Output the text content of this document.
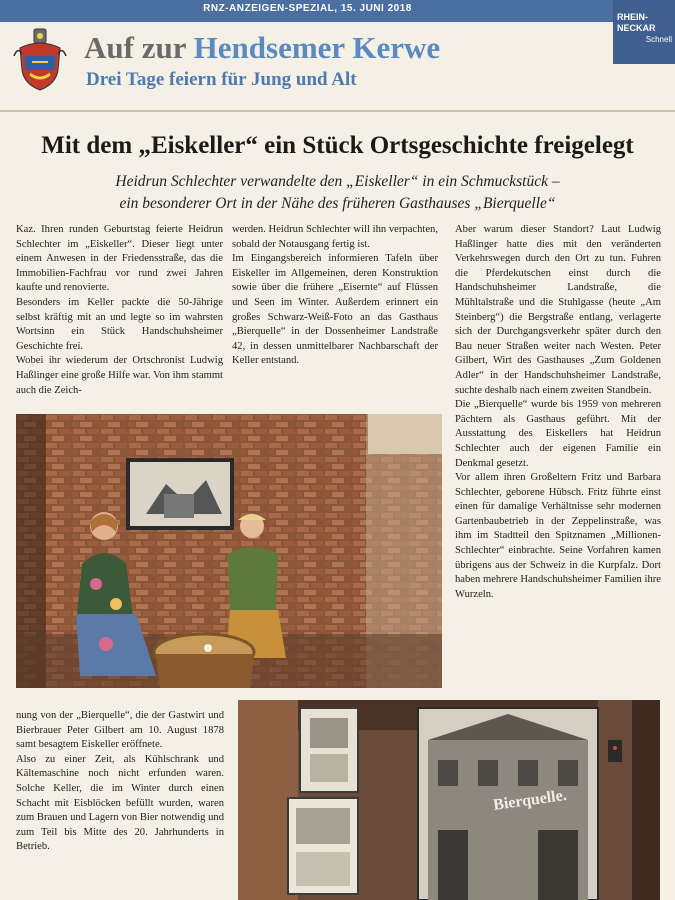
RNZ-ANZEIGEN-SPEZIAL, 15. JUNI 2018
RHEIN-NECKAR
Schnell
Auf zur Hendsemer Kerwe
Drei Tage feiern für Jung und Alt
Mit dem „Eiskeller“ ein Stück Ortsgeschichte freigelegt
Heidrun Schlechter verwandelte den „Eiskeller“ in ein Schmuckstück –
ein besonderer Ort in der Nähe des früheren Gasthauses „Bierquelle“

Kaz. Ihren runden Geburtstag feierte Heidrun Schlechter im „Eiskeller“. Dieser liegt unter einem Anwesen in der Friedensstraße, das die Immobilien-Fachfrau vor rund zwei Jahren kaufte und renovierte.

Besonders im Keller packte die 50-Jährige selbst kräftig mit an und legte so im wahrsten Wortsinn ein Stück Handschuhsheimer Geschichte frei.

Wobei ihr wiederum der Ortschronist Ludwig Haßlinger eine große Hilfe war. Von ihm stammt auch die Zeich-

werden. Heidrun Schlechter will ihn verpachten, sobald der Notausgang fertig ist.

Im Eingangsbereich informieren Tafeln über Eiskeller im Allgemeinen, deren Konstruktion sowie über die frühere „Eisernte“ auf Flüssen und Seen im Winter. Außerdem erinnert ein großes Schwarz-Weiß-Foto an das Gasthaus „Bierquelle“ in der Dossenheimer Landstraße 42, in dessen unmittelbarer Nachbarschaft der Keller entstand.

Aber warum dieser Standort? Laut Ludwig Haßlinger hatte dies mit den veränderten Verkehrswegen durch den Ort zu tun. Fuhren die Pferdekutschen einst durch die Handschuhsheimer Landstraße, die Mühltalstraße und die Stuhlgasse (heute „Am Steinberg“) die Bergstraße entlang, verlagerte sich der Durchgangsverkehr später durch den Bau neuer Straßen weiter nach Westen. Peter Gilbert, Wirt des Gasthauses „Zum Goldenen Adler“ in der Handschuhsheimer Landstraße, suchte deshalb nach einem zweiten Standbein.

Die „Bierquelle“ wurde bis 1959 von mehreren Pächtern als Gasthaus geführt. Mit der Ausstattung des Eiskellers hat Heidrun Schlechter auch der eigenen Familie ein Denkmal gesetzt.

Vor allem ihren Großeltern Fritz und Barbara Schlechter, geborene Hübsch. Fritz führte einst einen für damalige Verhältnisse sehr modernen Gartenbaubetrieb in der Zeppelinstraße, was ihm im Stadtteil den Spitznamen „Millionen-Schlechter“ einbrachte. Seine Vorfahren kamen übrigens aus der Schweiz in die Kurpfalz. Dort haben mehrere Handschuhsheimer Familien ihre Wurzeln.

nung von der „Bierquelle“, die der Gastwirt und Bierbrauer Peter Gilbert am 10. August 1878 samt besagtem Eiskeller eröffnete.

Also zu einer Zeit, als Kühlschrank und Kältemaschine noch nicht erfunden waren. Solche Keller, die im Winter durch einen Schacht mit Eisblöcken befüllt wurden, waren zum Brauen und Lagern von Bier notwendig und zum Teil bis Mitte des 20. Jahrhunderts in Betrieb.

Bierquelle.
